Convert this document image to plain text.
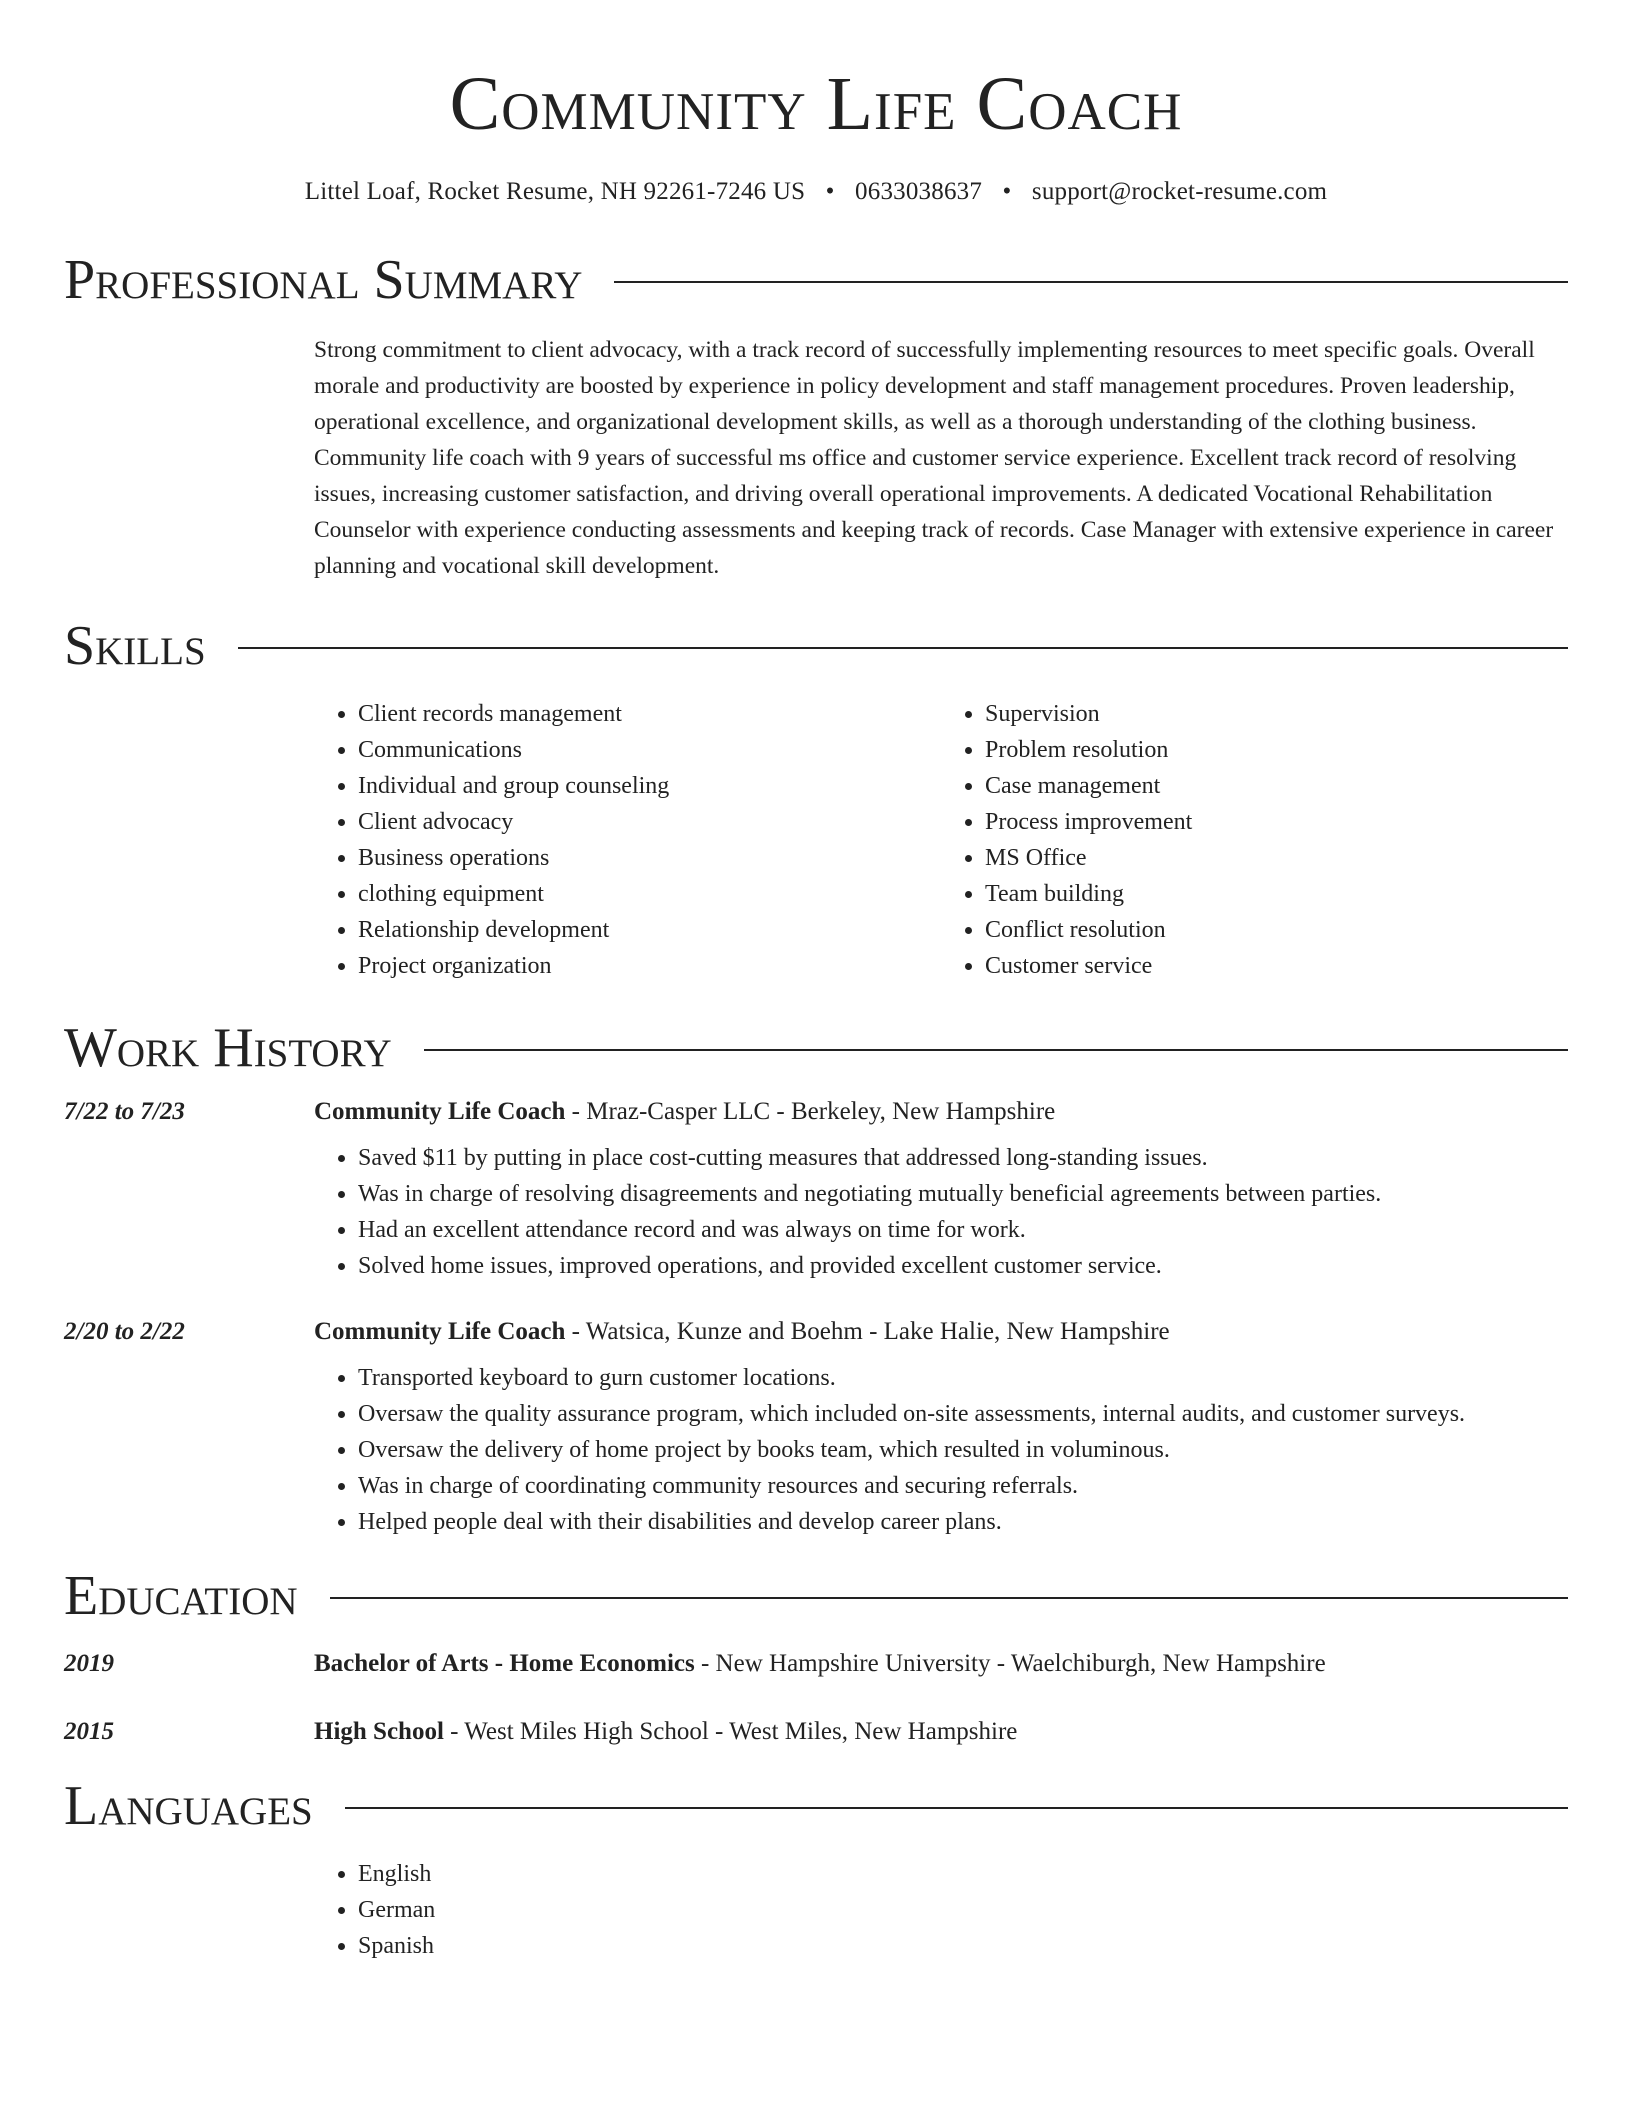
Community Life Coach
Littel Loaf, Rocket Resume, NH 92261-7246 US • 0633038637 • support@rocket-resume.com
Professional Summary
Strong commitment to client advocacy, with a track record of successfully implementing resources to meet specific goals. Overall morale and productivity are boosted by experience in policy development and staff management procedures. Proven leadership, operational excellence, and organizational development skills, as well as a thorough understanding of the clothing business. Community life coach with 9 years of successful ms office and customer service experience. Excellent track record of resolving issues, increasing customer satisfaction, and driving overall operational improvements. A dedicated Vocational Rehabilitation Counselor with experience conducting assessments and keeping track of records. Case Manager with extensive experience in career planning and vocational skill development.
Skills
• Client records management
• Communications
• Individual and group counseling
• Client advocacy
• Business operations
• clothing equipment
• Relationship development
• Project organization
• Supervision
• Problem resolution
• Case management
• Process improvement
• MS Office
• Team building
• Conflict resolution
• Customer service
Work History
7/22 to 7/23	Community Life Coach - Mraz-Casper LLC - Berkeley, New Hampshire
• Saved $11 by putting in place cost-cutting measures that addressed long-standing issues.
• Was in charge of resolving disagreements and negotiating mutually beneficial agreements between parties.
• Had an excellent attendance record and was always on time for work.
• Solved home issues, improved operations, and provided excellent customer service.
2/20 to 2/22	Community Life Coach - Watsica, Kunze and Boehm - Lake Halie, New Hampshire
• Transported keyboard to gurn customer locations.
• Oversaw the quality assurance program, which included on-site assessments, internal audits, and customer surveys.
• Oversaw the delivery of home project by books team, which resulted in voluminous.
• Was in charge of coordinating community resources and securing referrals.
• Helped people deal with their disabilities and develop career plans.
Education
2019	Bachelor of Arts - Home Economics - New Hampshire University - Waelchiburgh, New Hampshire
2015	High School - West Miles High School - West Miles, New Hampshire
Languages
• English
• German
• Spanish
